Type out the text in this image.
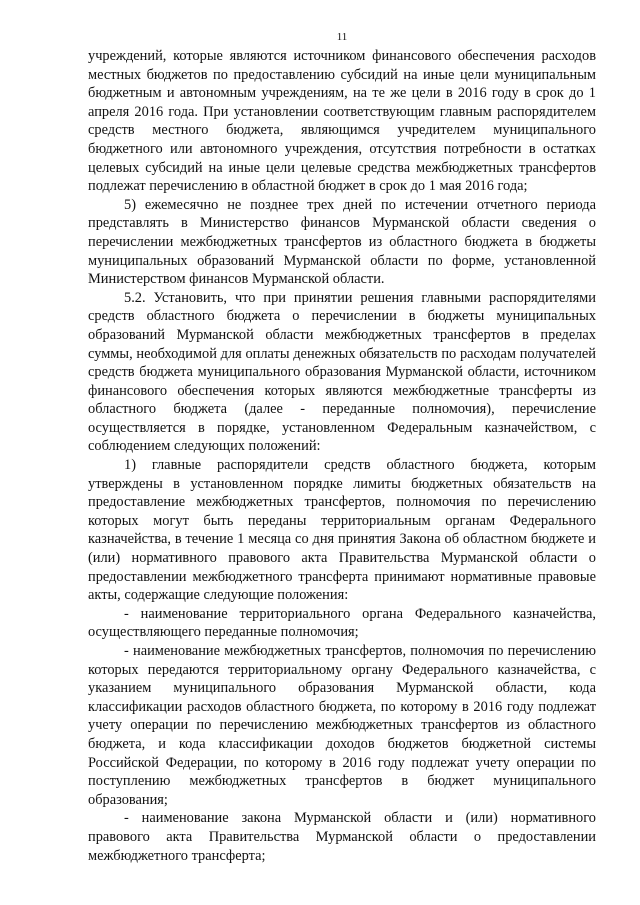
11

учреждений, которые являются источником финансового обеспечения расходов местных бюджетов по предоставлению субсидий на иные цели муниципальным бюджетным и автономным учреждениям, на те же цели в 2016 году в срок до 1 апреля 2016 года. При установлении соответствующим главным распорядителем средств местного бюджета, являющимся учредителем муниципального бюджетного или автономного учреждения, отсутствия потребности в остатках целевых субсидий на иные цели целевые средства межбюджетных трансфертов подлежат перечислению в областной бюджет в срок до 1 мая 2016 года;

5) ежемесячно не позднее трех дней по истечении отчетного периода представлять в Министерство финансов Мурманской области сведения о перечислении межбюджетных трансфертов из областного бюджета в бюджеты муниципальных образований Мурманской области по форме, установленной Министерством финансов Мурманской области.

5.2. Установить, что при принятии решения главными распорядителями средств областного бюджета о перечислении в бюджеты муниципальных образований Мурманской области межбюджетных трансфертов в пределах суммы, необходимой для оплаты денежных обязательств по расходам получателей средств бюджета муниципального образования Мурманской области, источником финансового обеспечения которых являются межбюджетные трансферты из областного бюджета (далее - переданные полномочия), перечисление осуществляется в порядке, установленном Федеральным казначейством, с соблюдением следующих положений:

1) главные распорядители средств областного бюджета, которым утверждены в установленном порядке лимиты бюджетных обязательств на предоставление межбюджетных трансфертов, полномочия по перечислению которых могут быть переданы территориальным органам Федерального казначейства, в течение 1 месяца со дня принятия Закона об областном бюджете и (или) нормативного правового акта Правительства Мурманской области о предоставлении межбюджетного трансферта принимают нормативные правовые акты, содержащие следующие положения:

- наименование территориального органа Федерального казначейства, осуществляющего переданные полномочия;

- наименование межбюджетных трансфертов, полномочия по перечислению которых передаются территориальному органу Федерального казначейства, с указанием муниципального образования Мурманской области, кода классификации расходов областного бюджета, по которому в 2016 году подлежат учету операции по перечислению межбюджетных трансфертов из областного бюджета, и кода классификации доходов бюджетов бюджетной системы Российской Федерации, по которому в 2016 году подлежат учету операции по поступлению межбюджетных трансфертов в бюджет муниципального образования;

- наименование закона Мурманской области и (или) нормативного правового акта Правительства Мурманской области о предоставлении межбюджетного трансферта;
